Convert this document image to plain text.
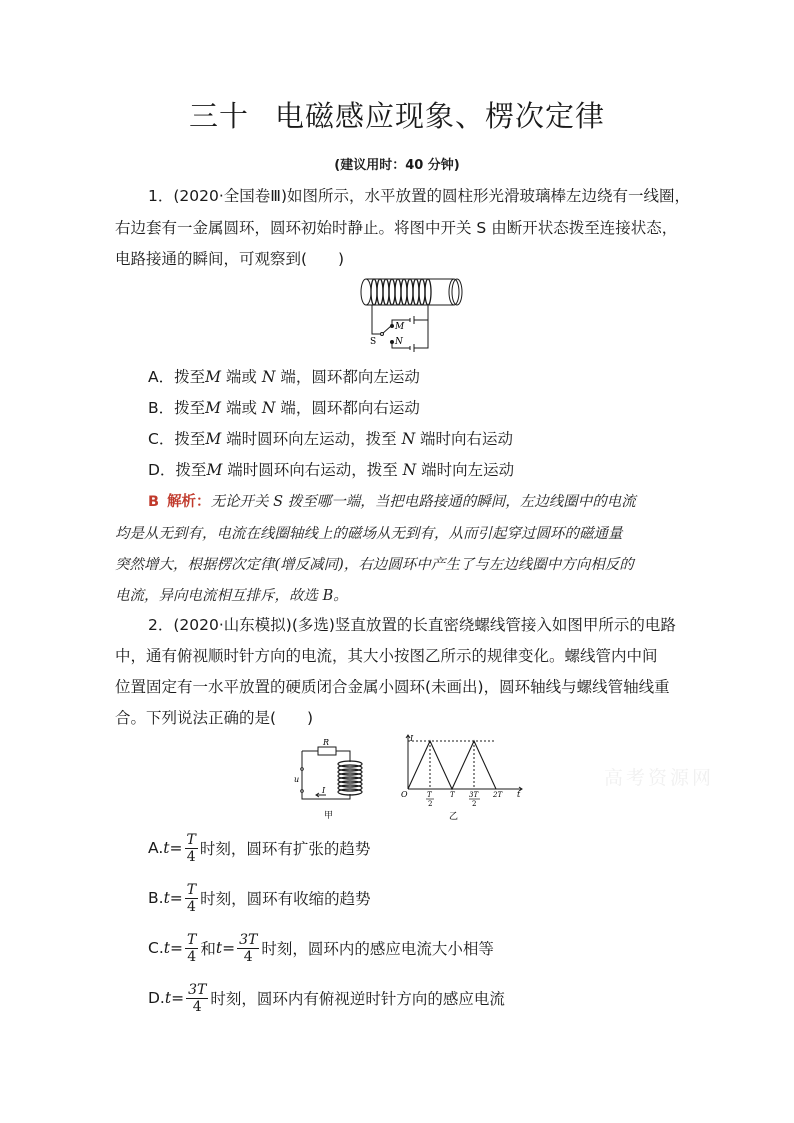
三十 电磁感应现象、楞次定律
(建议用时：40 分钟)
1．(2020·全国卷Ⅲ)如图所示，水平放置的圆柱形光滑玻璃棒左边绕有一线圈，
右边套有一金属圆环，圆环初始时静止。将图中开关 S 由断开状态拨至连接状态，
电路接通的瞬间，可观察到(　　)
M
S N
A．拨至M 端或 N 端，圆环都向左运动
B．拨至M 端或 N 端，圆环都向右运动
C．拨至M 端时圆环向左运动，拨至 N 端时向右运动
D．拨至M 端时圆环向右运动，拨至 N 端时向左运动
B 解析：无论开关 S 拨至哪一端，当把电路接通的瞬间，左边线圈中的电流
均是从无到有，电流在线圈轴线上的磁场从无到有，从而引起穿过圆环的磁通量
突然增大，根据楞次定律(增反减同)，右边圆环中产生了与左边线圈中方向相反的
电流，异向电流相互排斥，故选 B。
2．(2020·山东模拟)(多选)竖直放置的长直密绕螺线管接入如图甲所示的电路
中，通有俯视顺时针方向的电流，其大小按图乙所示的规律变化。螺线管内中间
位置固定有一水平放置的硬质闭合金属小圆环(未画出)，圆环轴线与螺线管轴线重
合。下列说法正确的是(　　)
R
u
I
甲
I
O	t
T
2
T 3T
2
2T
乙
高考资源网
A. $t = \frac{T}{4}$ 时刻，圆环有扩张的趋势
B. $t = \frac{T}{4}$ 时刻，圆环有收缩的趋势
C. $t = \frac{T}{4}$ 和 $t = \frac{3T}{4}$ 时刻，圆环内的感应电流大小相等
D. $t = \frac{3T}{4}$ 时刻，圆环内有俯视逆时针方向的感应电流
